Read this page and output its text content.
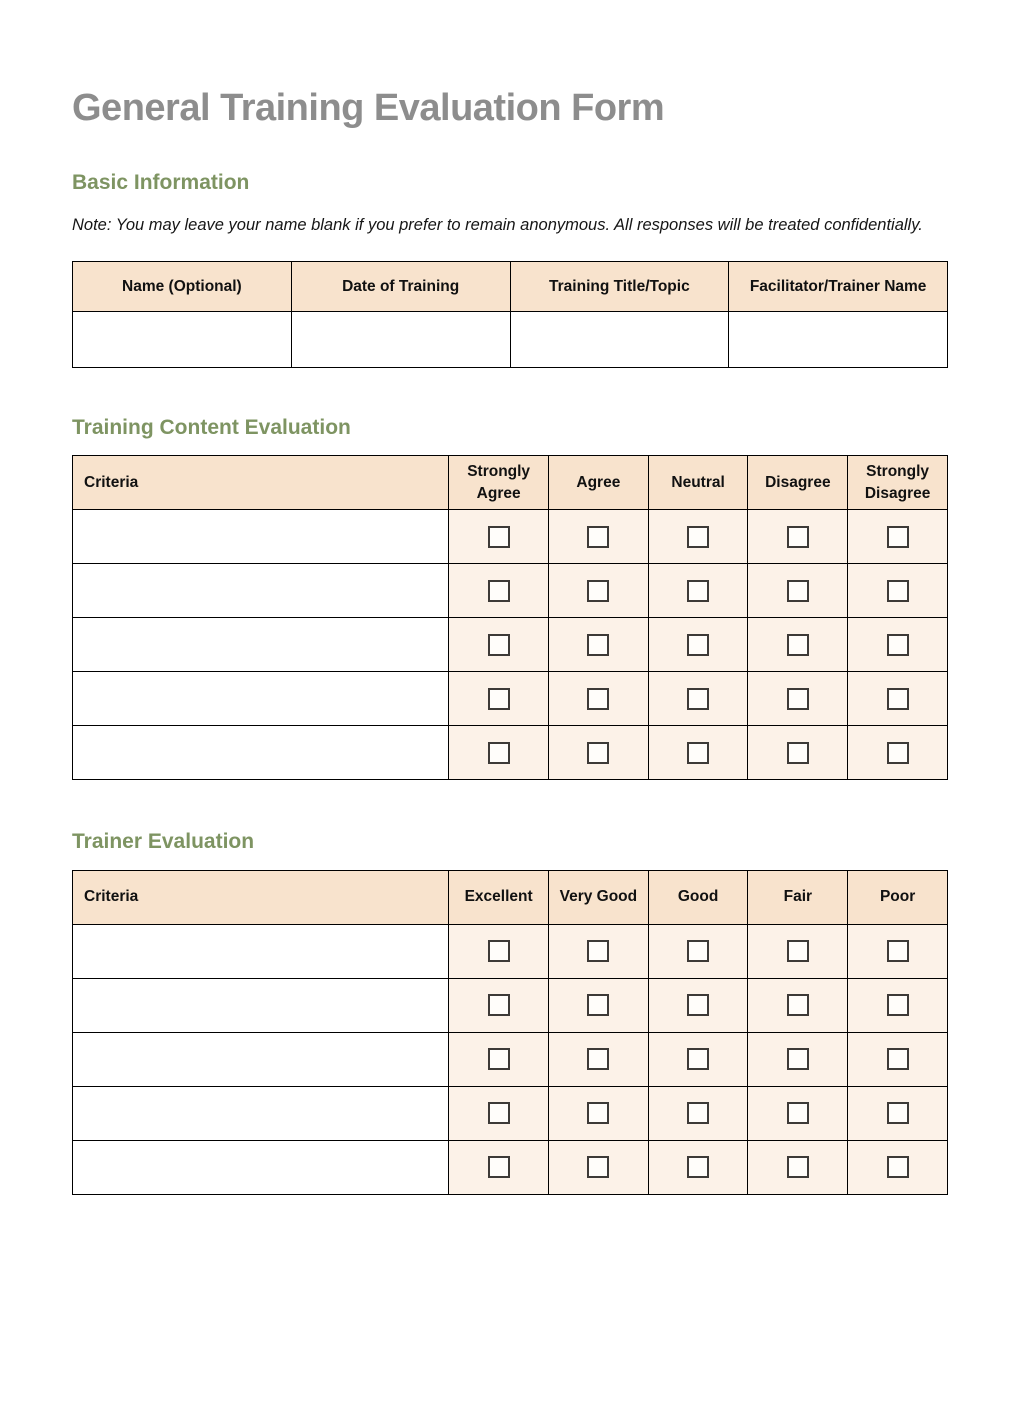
General Training Evaluation Form
Basic Information

Note: You may leave your name blank if you prefer to remain anonymous. All responses will be treated confidentially.

Name (Optional)	Date of Training	Training Title/Topic	Facilitator/Trainer Name

Training Content Evaluation
Criteria	Strongly Agree	Agree	Neutral	Disagree	Strongly Disagree

Trainer Evaluation
Criteria	Excellent	Very Good	Good	Fair	Poor
